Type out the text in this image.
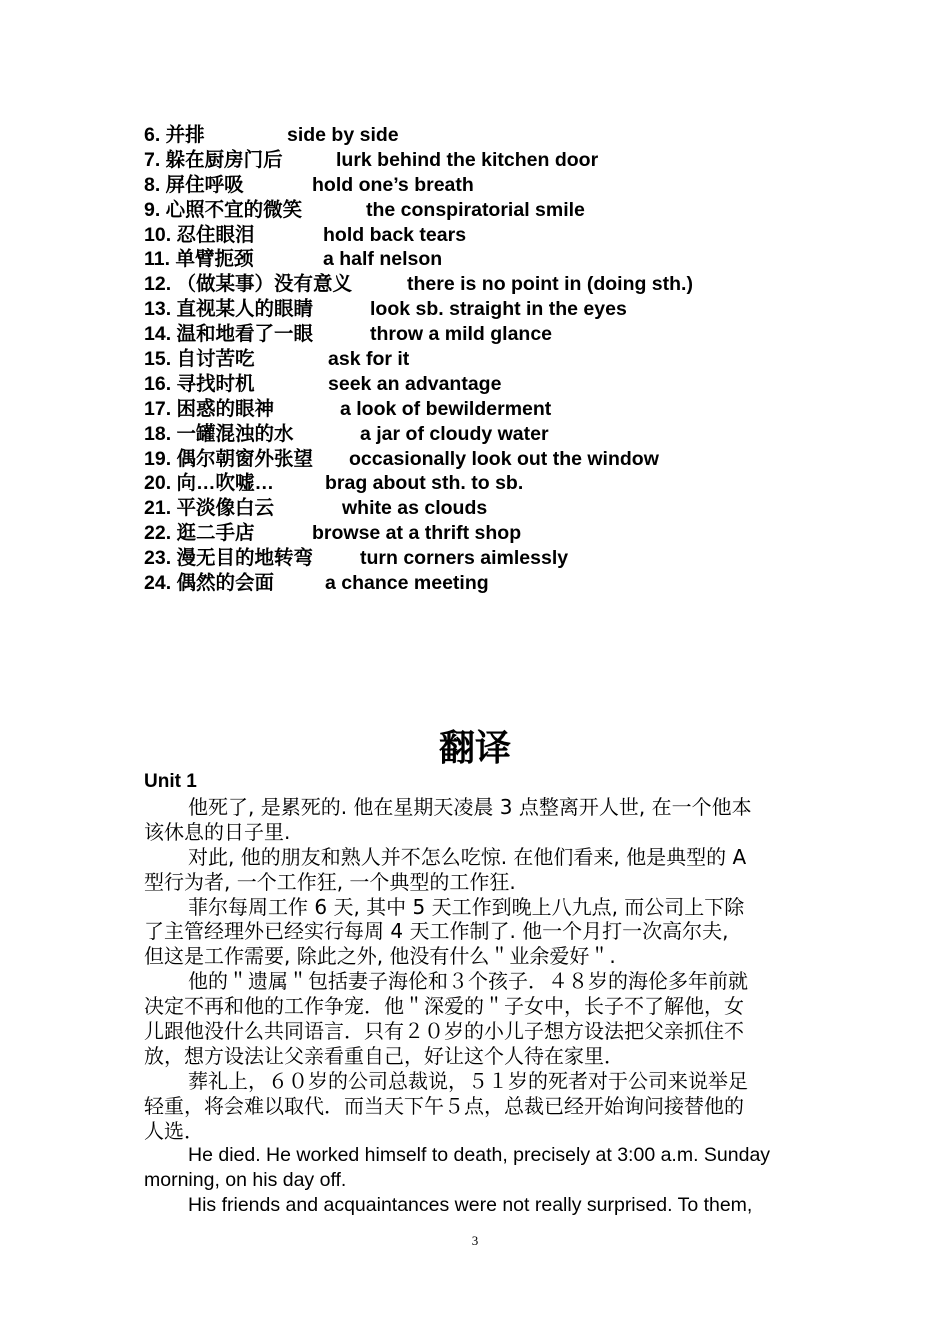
6. 并排	side by side
7. 躲在厨房门后	lurk behind the kitchen door
8. 屏住呼吸	hold one’s breath
9. 心照不宜的微笑	the conspiratorial smile
10. 忍住眼泪	hold back tears
11. 单臂扼颈	a half nelson
12. （做某事）没有意义	there is no point in (doing sth.)
13. 直视某人的眼睛	look sb. straight in the eyes
14. 温和地看了一眼	throw a mild glance
15. 自讨苦吃	ask for it
16. 寻找时机	seek an advantage
17. 困惑的眼神	a look of bewilderment
18. 一罐混浊的水	a jar of cloudy water
19. 偶尔朝窗外张望 occasionally look out the window
20. 向…吹嘘…	brag about sth. to sb.
21. 平淡像白云	white as clouds
22. 逛二手店	browse at a thrift shop
23. 漫无目的地转弯 turn corners aimlessly
24. 偶然的会面	a chance meeting
翻译
Unit 1
他死了, 是累死的. 他在星期天凌晨 3 点整离开人世, 在一个他本
该休息的日子里.
对此, 他的朋友和熟人并不怎么吃惊. 在他们看来, 他是典型的 A
型行为者, 一个工作狂, 一个典型的工作狂.
菲尔每周工作 6 天, 其中 5 天工作到晚上八九点, 而公司上下除
了主管经理外已经实行每周 4 天工作制了. 他一个月打一次高尔夫,
但这是工作需要, 除此之外, 他没有什么＂业余爱好＂.
他的＂遗属＂包括妻子海伦和３个孩子．４８岁的海伦多年前就
决定不再和他的工作争宠．他＂深爱的＂子女中，长子不了解他，女
儿跟他没什么共同语言．只有２０岁的小儿子想方设法把父亲抓住不
放，想方设法让父亲看重自己，好让这个人待在家里．
葬礼上，６０岁的公司总裁说，５１岁的死者对于公司来说举足
轻重，将会难以取代．而当天下午５点，总裁已经开始询问接替他的
人选．
He died. He worked himself to death, precisely at 3:00 a.m. Sunday
morning, on his day off.
His friends and acquaintances were not really surprised. To them,
3
